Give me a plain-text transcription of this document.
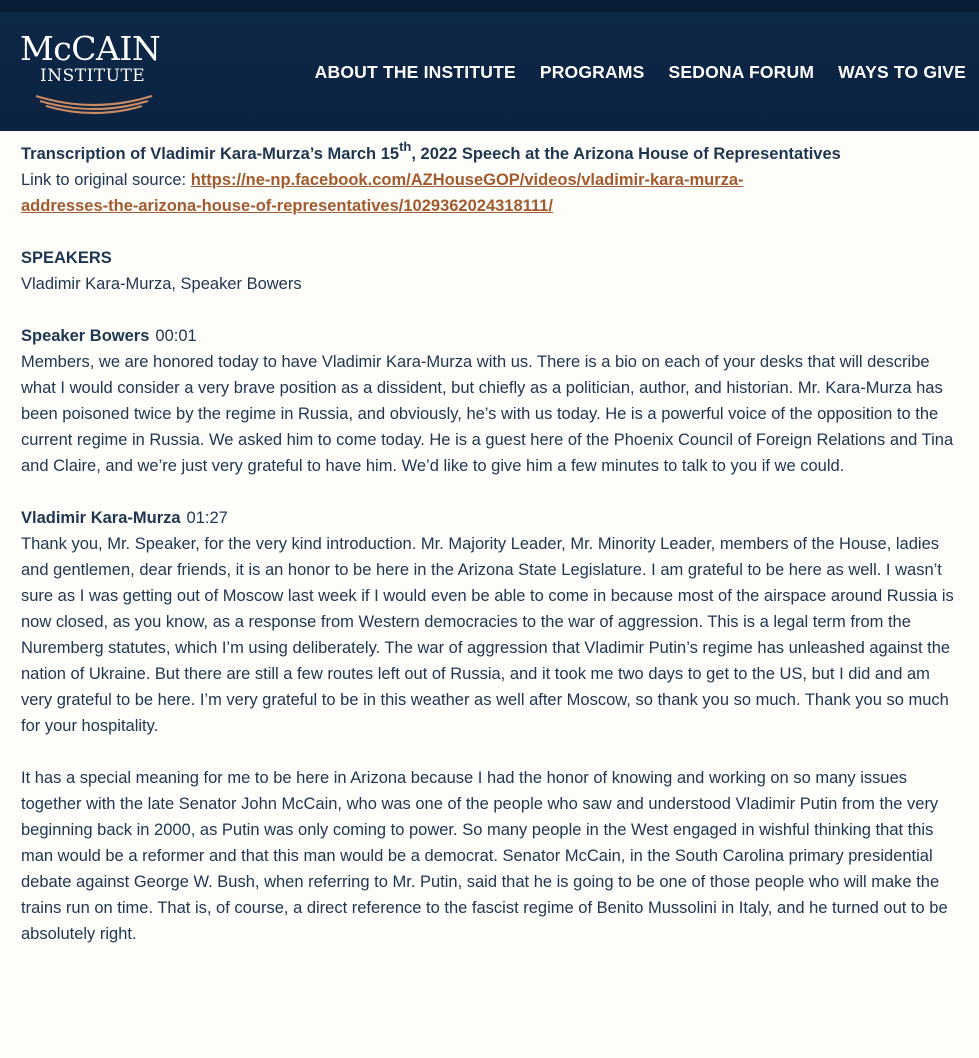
McCAIN
INSTITUTE	ABOUT THE INSTITUTE PROGRAMS SEDONA FORUM WAYS TO GIVE
Transcription of Vladimir Kara-Murza’s March 15th, 2022 Speech at the Arizona House of Representatives
Link to original source: https://ne-np.facebook.com/AZHouseGOP/videos/vladimir-kara-murza-
addresses-the-arizona-house-of-representatives/1029362024318111/
SPEAKERS
Vladimir Kara-Murza, Speaker Bowers
Speaker Bowers 00:01

Members, we are honored today to have Vladimir Kara-Murza with us. There is a bio on each of your desks that will describe what I would consider a very brave position as a dissident, but chiefly as a politician, author, and historian. Mr. Kara-Murza has been poisoned twice by the regime in Russia, and obviously, he’s with us today. He is a powerful voice of the opposition to the current regime in Russia. We asked him to come today. He is a guest here of the Phoenix Council of Foreign Relations and Tina and Claire, and we’re just very grateful to have him. We’d like to give him a few minutes to talk to you if we could.

Vladimir Kara-Murza 01:27

Thank you, Mr. Speaker, for the very kind introduction. Mr. Majority Leader, Mr. Minority Leader, members of the House, ladies and gentlemen, dear friends, it is an honor to be here in the Arizona State Legislature. I am grateful to be here as well. I wasn’t sure as I was getting out of Moscow last week if I would even be able to come in because most of the airspace around Russia is now closed, as you know, as a response from Western democracies to the war of aggression. This is a legal term from the Nuremberg statutes, which I’m using deliberately. The war of aggression that Vladimir Putin’s regime has unleashed against the nation of Ukraine. But there are still a few routes left out of Russia, and it took me two days to get to the US, but I did and am very grateful to be here. I’m very grateful to be in this weather as well after Moscow, so thank you so much. Thank you so much for your hospitality.

It has a special meaning for me to be here in Arizona because I had the honor of knowing and working on so many issues together with the late Senator John McCain, who was one of the people who saw and understood Vladimir Putin from the very beginning back in 2000, as Putin was only coming to power. So many people in the West engaged in wishful thinking that this man would be a reformer and that this man would be a democrat. Senator McCain, in the South Carolina primary presidential debate against George W. Bush, when referring to Mr. Putin, said that he is going to be one of those people who will make the trains run on time. That is, of course, a direct reference to the fascist regime of Benito Mussolini in Italy, and he turned out to be absolutely right.
